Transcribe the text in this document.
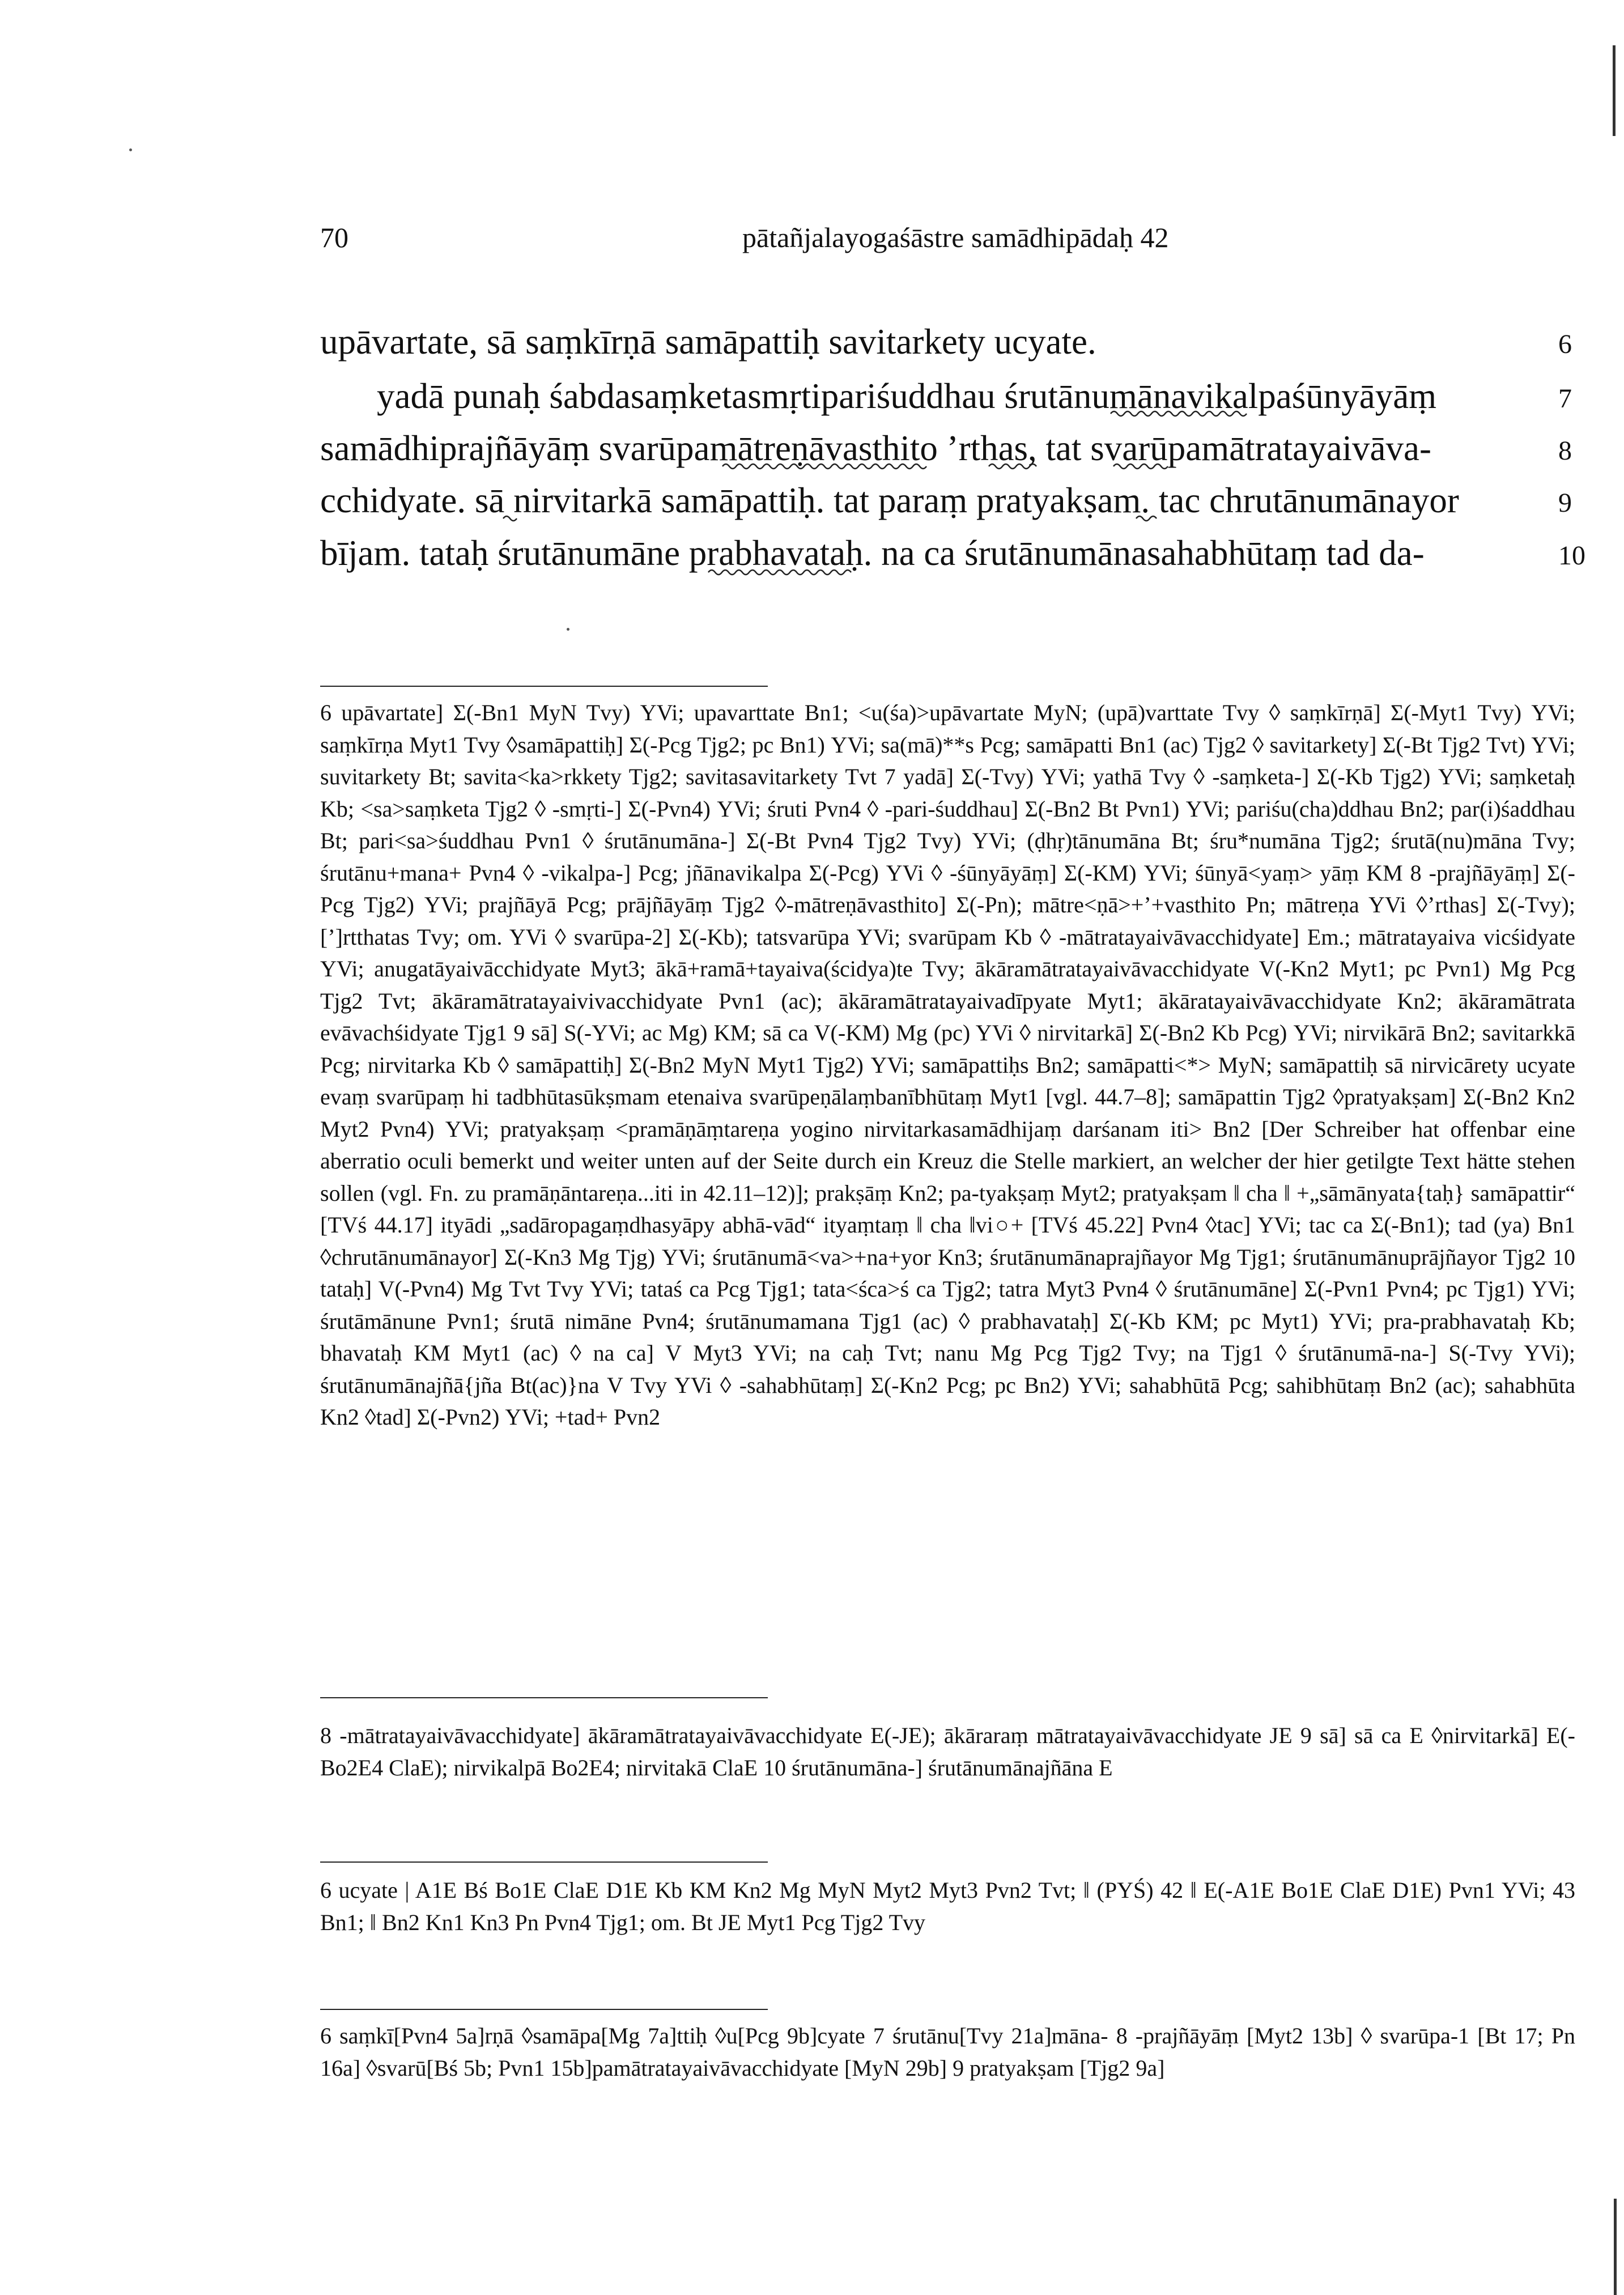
70	pātañjalayogaśāstre samādhipādaḥ 42
upāvartate, sā saṃkīrṇā samāpattiḥ savitarkety ucyate.	6
yadā punaḥ śabdasaṃketasmṛtipariśuddhau śrutānumānavikalpaśūnyāyāṃ	7
samādhiprajñāyāṃ svarūpamātreṇāvasthito ’rthas, tat svarūpamātratayaivāva-	8
cchidyate. sā nirvitarkā samāpattiḥ. tat paraṃ pratyakṣam. tac chrutānumānayor	9
bījam. tataḥ śrutānumāne prabhavataḥ. na ca śrutānumānasahabhūtaṃ tad da-	10

6 upāvartate] Σ(-Bn1 MyN Tvy) YVi; upavarttate Bn1; <u(śa)>upāvartate MyN; (upā)varttate Tvy ◊ saṃkīrṇā] Σ(-Myt1 Tvy) YVi; saṃkīrṇa Myt1 Tvy ◊samāpattiḥ] Σ(-Pcg Tjg2; pc Bn1) YVi; sa(mā)**s Pcg; samāpatti Bn1 (ac) Tjg2 ◊ savitarkety] Σ(-Bt Tjg2 Tvt) YVi; suvitarkety Bt; savita<ka>rkkety Tjg2; savitasavitarkety Tvt 7 yadā] Σ(-Tvy) YVi; yathā Tvy ◊ -saṃketa-] Σ(-Kb Tjg2) YVi; saṃketaḥ Kb; <sa>saṃketa Tjg2 ◊ -smṛti-] Σ(-Pvn4) YVi; śruti Pvn4 ◊ -pari-śuddhau] Σ(-Bn2 Bt Pvn1) YVi; pariśu(cha)ddhau Bn2; par(i)śaddhau Bt; pari<sa>śuddhau Pvn1 ◊ śrutānumāna-] Σ(-Bt Pvn4 Tjg2 Tvy) YVi; (ḍhṛ)tānumāna Bt; śru*numāna Tjg2; śrutā(nu)māna Tvy; śrutānu+mana+ Pvn4 ◊ -vikalpa-] Pcg; jñānavikalpa Σ(-Pcg) YVi ◊ -śūnyāyāṃ] Σ(-KM) YVi; śūnyā<yaṃ> yāṃ KM 8 -prajñāyāṃ] Σ(-Pcg Tjg2) YVi; prajñāyā Pcg; prājñāyāṃ Tjg2 ◊-mātreṇāvasthito] Σ(-Pn); mātre<ṇā>+’+vasthito Pn; mātreṇa YVi ◊’rthas] Σ(-Tvy); [’]rtthatas Tvy; om. YVi ◊ svarūpa-2] Σ(-Kb); tatsvarūpa YVi; svarūpam Kb ◊ -mātratayaivāvacchidyate] Em.; mātratayaiva vicśidyate YVi; anugatāyaivācchidyate Myt3; ākā+ramā+tayaiva(ścidya)te Tvy; ākāramātratayaivāvacchidyate V(-Kn2 Myt1; pc Pvn1) Mg Pcg Tjg2 Tvt; ākāramātratayaivivacchidyate Pvn1 (ac); ākāramātratayaivadīpyate Myt1; ākāratayaivāvacchidyate Kn2; ākāramātrata evāvachśidyate Tjg1 9 sā] S(-YVi; ac Mg) KM; sā ca V(-KM) Mg (pc) YVi ◊ nirvitarkā] Σ(-Bn2 Kb Pcg) YVi; nirvikārā Bn2; savitarkkā Pcg; nirvitarka Kb ◊ samāpattiḥ] Σ(-Bn2 MyN Myt1 Tjg2) YVi; samāpattiḥs Bn2; samāpatti<*> MyN; samāpattiḥ sā nirvicārety ucyate evaṃ svarūpaṃ hi tadbhūtasūkṣmam etenaiva svarūpeṇālaṃbanībhūtaṃ Myt1 [vgl. 44.7–8]; samāpattin Tjg2 ◊pratyakṣam] Σ(-Bn2 Kn2 Myt2 Pvn4) YVi; pratyakṣaṃ <pramāṇāṃtareṇa yogino nirvitarkasamādhijaṃ darśanam iti> Bn2 [Der Schreiber hat offenbar eine aberratio oculi bemerkt und weiter unten auf der Seite durch ein Kreuz die Stelle markiert, an welcher der hier getilgte Text hätte stehen sollen (vgl. Fn. zu pramāṇāntareṇa...iti in 42.11–12)]; prakṣāṃ Kn2; pa-tyakṣaṃ Myt2; pratyakṣam ‖ cha ‖ +„sāmānyata{taḥ} samāpattir“ [TVś 44.17] ityādi „sadāropagaṃdhasyāpy abhā-vād“ ityaṃtaṃ ‖ cha ‖vi○+ [TVś 45.22] Pvn4 ◊tac] YVi; tac ca Σ(-Bn1); tad (ya) Bn1 ◊chrutānumānayor] Σ(-Kn3 Mg Tjg) YVi; śrutānumā<va>+na+yor Kn3; śrutānumānaprajñayor Mg Tjg1; śrutānumānuprājñayor Tjg2 10 tataḥ] V(-Pvn4) Mg Tvt Tvy YVi; tataś ca Pcg Tjg1; tata<śca>ś ca Tjg2; tatra Myt3 Pvn4 ◊ śrutānumāne] Σ(-Pvn1 Pvn4; pc Tjg1) YVi; śrutāmānune Pvn1; śrutā nimāne Pvn4; śrutānumamana Tjg1 (ac) ◊ prabhavataḥ] Σ(-Kb KM; pc Myt1) YVi; pra-prabhavataḥ Kb; bhavataḥ KM Myt1 (ac) ◊ na ca] V Myt3 YVi; na caḥ Tvt; nanu Mg Pcg Tjg2 Tvy; na Tjg1 ◊ śrutānumā-na-] S(-Tvy YVi); śrutānumānajñā{jña Bt(ac)}na V Tvy YVi ◊ -sahabhūtaṃ] Σ(-Kn2 Pcg; pc Bn2) YVi; sahabhūtā Pcg; sahibhūtaṃ Bn2 (ac); sahabhūta Kn2 ◊tad] Σ(-Pvn2) YVi; +tad+ Pvn2

8 -mātratayaivāvacchidyate] ākāramātratayaivāvacchidyate E(-JE); ākāraraṃ mātratayaivāvacchidyate JE 9 sā] sā ca E ◊nirvitarkā] E(-Bo2E4 ClaE); nirvikalpā Bo2E4; nirvitakā ClaE 10 śrutānumāna-] śrutānumānajñāna E

6 ucyate | A1E Bś Bo1E ClaE D1E Kb KM Kn2 Mg MyN Myt2 Myt3 Pvn2 Tvt; ‖ (PYŚ) 42 ‖ E(-A1E Bo1E ClaE D1E) Pvn1 YVi; 43 Bn1; ‖ Bn2 Kn1 Kn3 Pn Pvn4 Tjg1; om. Bt JE Myt1 Pcg Tjg2 Tvy

6 saṃkī[Pvn4 5a]rṇā ◊samāpa[Mg 7a]ttiḥ ◊u[Pcg 9b]cyate 7 śrutānu[Tvy 21a]māna- 8 -prajñāyāṃ [Myt2 13b] ◊ svarūpa-1 [Bt 17; Pn 16a] ◊svarū[Bś 5b; Pvn1 15b]pamātratayaivāvacchidyate [MyN 29b] 9 pratyakṣam [Tjg2 9a]
